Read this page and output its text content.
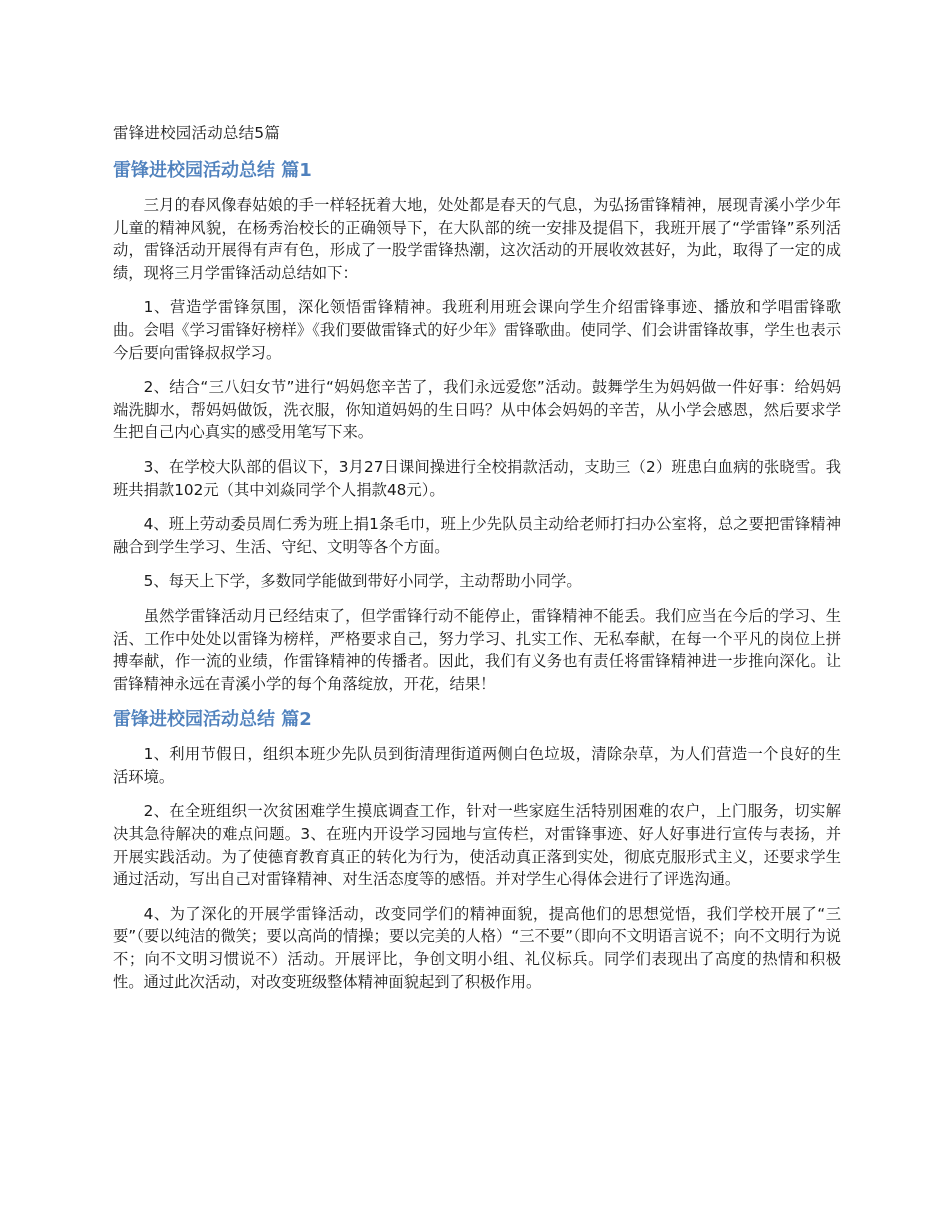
雷锋进校园活动总结5篇
雷锋进校园活动总结 篇1

三月的春风像春姑娘的手一样轻抚着大地，处处都是春天的气息，为弘扬雷锋精神，展现青溪小学少年儿童的精神风貌，在杨秀治校长的正确领导下，在大队部的统一安排及提倡下，我班开展了“学雷锋”系列活动，雷锋活动开展得有声有色，形成了一股学雷锋热潮，这次活动的开展收效甚好，为此，取得了一定的成绩，现将三月学雷锋活动总结如下：

1、营造学雷锋氛围，深化领悟雷锋精神。我班利用班会课向学生介绍雷锋事迹、播放和学唱雷锋歌曲。会唱《学习雷锋好榜样》《我们要做雷锋式的好少年》雷锋歌曲。使同学、们会讲雷锋故事，学生也表示今后要向雷锋叔叔学习。

2、结合“三八妇女节”进行“妈妈您辛苦了，我们永远爱您”活动。鼓舞学生为妈妈做一件好事：给妈妈端洗脚水，帮妈妈做饭，洗衣服，你知道妈妈的生日吗？从中体会妈妈的辛苦，从小学会感恩，然后要求学生把自己内心真实的感受用笔写下来。

3、在学校大队部的倡议下，3月27日课间操进行全校捐款活动，支助三（2）班患白血病的张晓雪。我班共捐款102元（其中刘焱同学个人捐款48元）。

4、班上劳动委员周仁秀为班上捐1条毛巾，班上少先队员主动给老师打扫办公室将，总之要把雷锋精神融合到学生学习、生活、守纪、文明等各个方面。

5、每天上下学，多数同学能做到带好小同学，主动帮助小同学。

虽然学雷锋活动月已经结束了，但学雷锋行动不能停止，雷锋精神不能丢。我们应当在今后的学习、生活、工作中处处以雷锋为榜样，严格要求自己，努力学习、扎实工作、无私奉献，在每一个平凡的岗位上拼搏奉献，作一流的业绩，作雷锋精神的传播者。因此，我们有义务也有责任将雷锋精神进一步推向深化。让雷锋精神永远在青溪小学的每个角落绽放，开花，结果！

雷锋进校园活动总结 篇2

1、利用节假日，组织本班少先队员到街清理街道两侧白色垃圾，清除杂草，为人们营造一个良好的生活环境。

2、在全班组织一次贫困难学生摸底调查工作，针对一些家庭生活特别困难的农户，上门服务，切实解决其急待解决的难点问题。3、在班内开设学习园地与宣传栏，对雷锋事迹、好人好事进行宣传与表扬，并开展实践活动。为了使德育教育真正的转化为行为，使活动真正落到实处，彻底克服形式主义，还要求学生通过活动，写出自己对雷锋精神、对生活态度等的感悟。并对学生心得体会进行了评选沟通。

4、为了深化的开展学雷锋活动，改变同学们的精神面貌，提高他们的思想觉悟，我们学校开展了“三要”（要以纯洁的微笑；要以高尚的情操；要以完美的人格）“三不要”（即向不文明语言说不；向不文明行为说不；向不文明习惯说不）活动。开展评比，争创文明小组、礼仪标兵。同学们表现出了高度的热情和积极性。通过此次活动，对改变班级整体精神面貌起到了积极作用。
